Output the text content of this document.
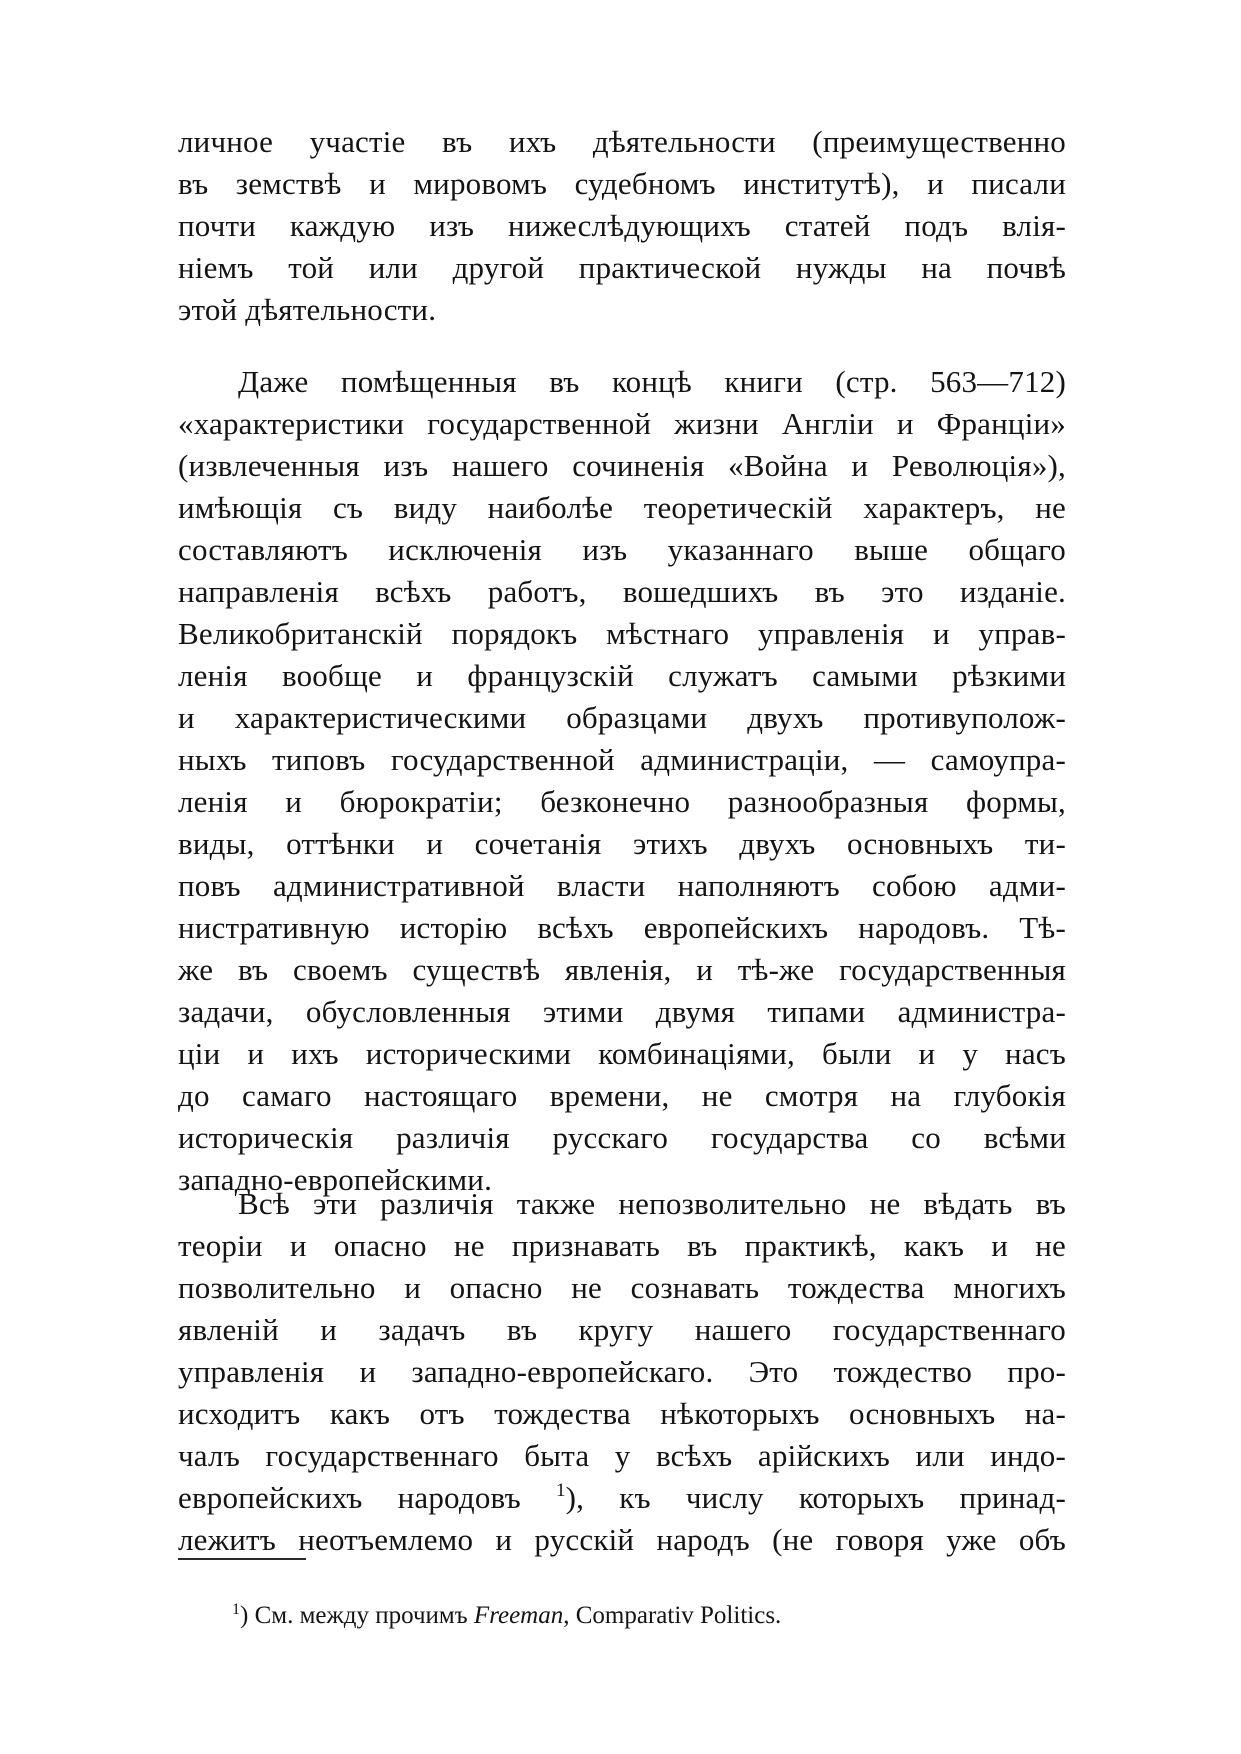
личное участіе въ ихъ дѣятельности (преимущественно
въ земствѣ и мировомъ судебномъ институтѣ), и писали
почти каждую изъ нижеслѣдующихъ статей подъ влія-
ніемъ той или другой практической нужды на почвѣ
этой дѣятельности.
Даже помѣщенныя въ концѣ книги (стр. 563—712)
«характеристики государственной жизни Англіи и Франціи»
(извлеченныя изъ нашего сочиненія «Война и Революція»),
имѣющія съ виду наиболѣе теоретическій характеръ, не
составляютъ исключенія изъ указаннаго выше общаго
направленія всѣхъ работъ, вошедшихъ въ это изданіе.
Великобританскій порядокъ мѣстнаго управленія и управ-
ленія вообще и французскій служатъ самыми рѣзкими
и характеристическими образцами двухъ противуполож-
ныхъ типовъ государственной администраціи, — самоупра-
ленія и бюрократіи; безконечно разнообразныя формы,
виды, оттѣнки и сочетанія этихъ двухъ основныхъ ти-
повъ административной власти наполняютъ собою адми-
нистративную исторію всѣхъ европейскихъ народовъ. Тѣ-
же въ своемъ существѣ явленія, и тѣ-же государственныя
задачи, обусловленныя этими двумя типами администра-
ціи и ихъ историческими комбинаціями, были и у насъ
до самаго настоящаго времени, не смотря на глубокія
историческія различія русскаго государства со всѣми
западно-европейскими.
Всѣ эти различія также непозволительно не вѣдать въ
теоріи и опасно не признавать въ практикѣ, какъ и не
позволительно и опасно не сознавать тождества многихъ
явленій и задачъ въ кругу нашего государственнаго
управленія и западно-европейскаго. Это тождество про-
исходитъ какъ отъ тождества нѣкоторыхъ основныхъ на-
чалъ государственнаго быта у всѣхъ арійскихъ или индо-
европейскихъ народовъ $^1$), къ числу которыхъ принад-
лежитъ неотъемлемо и русскій народъ (не говоря уже объ
$^1$) См. между прочимъ Freeman, Comparativ Politics.
